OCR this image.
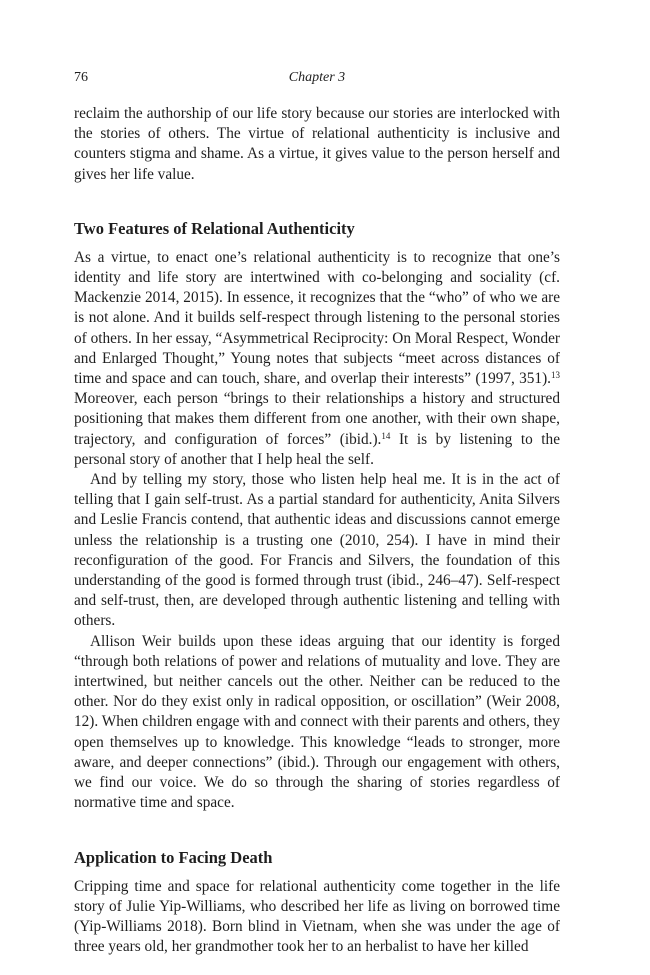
76	Chapter 3

reclaim the authorship of our life story because our stories are interlocked with the stories of others. The virtue of relational authenticity is inclusive and counters stigma and shame. As a virtue, it gives value to the person herself and gives her life value.

Two Features of Relational Authenticity

As a virtue, to enact one’s relational authenticity is to recognize that one’s identity and life story are intertwined with co-belonging and sociality (cf. Mackenzie 2014, 2015). In essence, it recognizes that the “who” of who we are is not alone. And it builds self-respect through listening to the personal stories of others. In her essay, “Asymmetrical Reciprocity: On Moral Respect, Wonder and Enlarged Thought,” Young notes that subjects “meet across distances of time and space and can touch, share, and overlap their interests” (1997, 351).$^{13}$ Moreover, each person “brings to their relationships a history and structured positioning that makes them different from one another, with their own shape, trajectory, and configuration of forces” (ibid.).$^{14}$ It is by listening to the personal story of another that I help heal the self.

And by telling my story, those who listen help heal me. It is in the act of telling that I gain self-trust. As a partial standard for authenticity, Anita Silvers and Leslie Francis contend, that authentic ideas and discussions cannot emerge unless the relationship is a trusting one (2010, 254). I have in mind their reconfiguration of the good. For Francis and Silvers, the foundation of this understanding of the good is formed through trust (ibid., 246–47). Self-respect and self-trust, then, are developed through authentic listening and telling with others.

Allison Weir builds upon these ideas arguing that our identity is forged “through both relations of power and relations of mutuality and love. They are intertwined, but neither cancels out the other. Neither can be reduced to the other. Nor do they exist only in radical opposition, or oscillation” (Weir 2008, 12). When children engage with and connect with their parents and others, they open themselves up to knowledge. This knowledge “leads to stronger, more aware, and deeper connections” (ibid.). Through our engagement with others, we find our voice. We do so through the sharing of stories regardless of normative time and space.

Application to Facing Death

Cripping time and space for relational authenticity come together in the life story of Julie Yip-Williams, who described her life as living on borrowed time (Yip-Williams 2018). Born blind in Vietnam, when she was under the age of three years old, her grandmother took her to an herbalist to have her killed
